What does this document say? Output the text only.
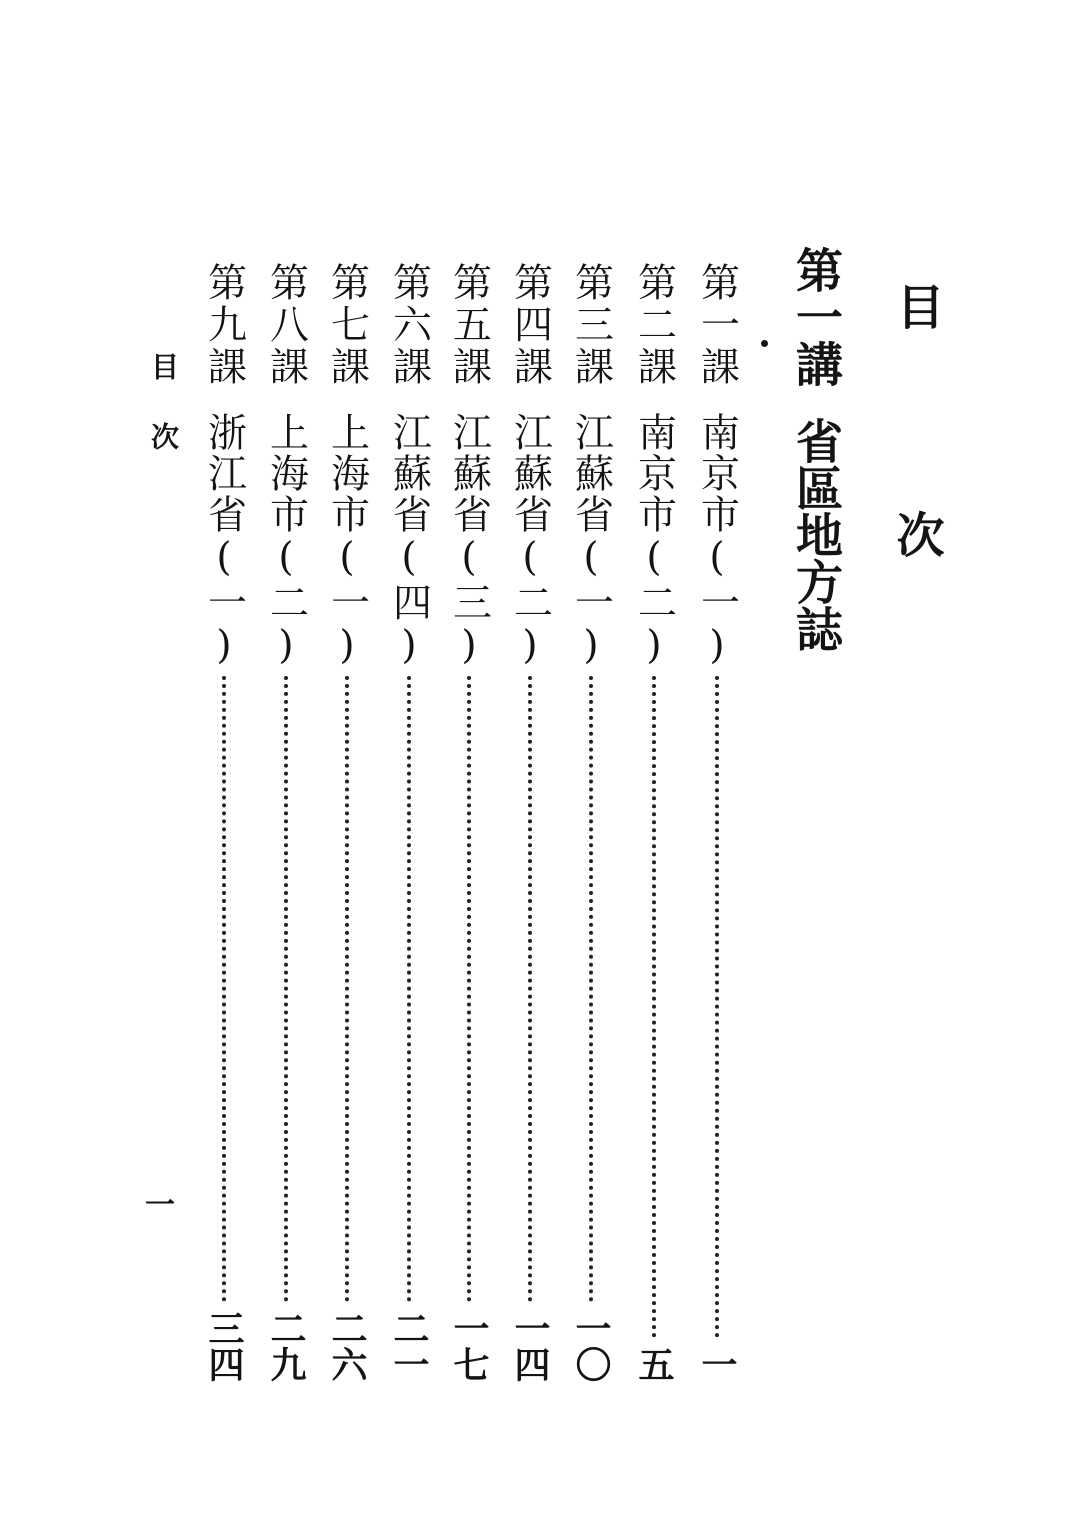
目 次
第一講
省區地方誌
第一課
南京市(一)
一
第二課
南京市(二)
五
第三課
江蘇省(一)
一〇
第四課
江蘇省(二)
一四
第五課
江蘇省(三)
一七
第六課
江蘇省(四)
二一
第七課
上海市(一)
二六
第八課
上海市(二)
二九
第九課
浙江省(一)
三四
目次
一
